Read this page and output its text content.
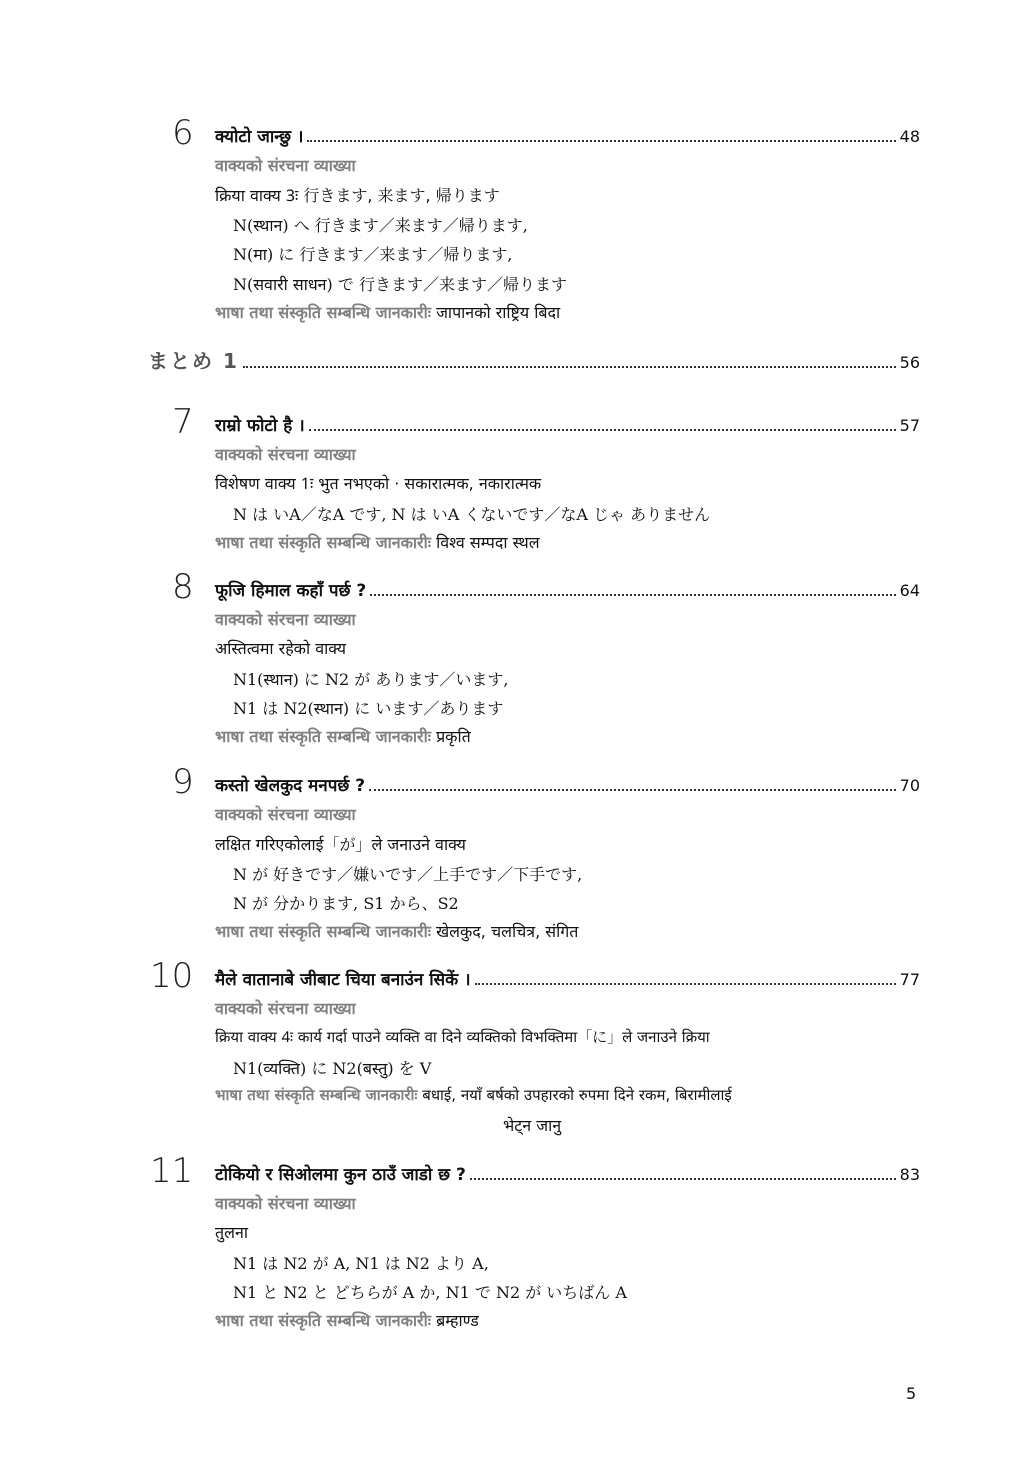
6 क्योटो जान्छु ।	48
वाक्यको संरचना व्याख्या
क्रिया वाक्य 3ः 行きます, 来ます, 帰ります
N(स्थान) へ 行きます／来ます／帰ります,
N(मा) に 行きます／来ます／帰ります,
N(सवारी साधन) で 行きます／来ます／帰ります
भाषा तथा संस्कृति सम्बन्धि जानकारीः जापानको राष्ट्रिय बिदा
まとめ 1	56
7 राम्रो फोटो है ।	57
वाक्यको संरचना व्याख्या
विशेषण वाक्य 1ः भुत नभएको · सकारात्मक, नकारात्मक
N は いA／なA です, N は いA くないです／なA じゃ ありません
भाषा तथा संस्कृति सम्बन्धि जानकारीः विश्व सम्पदा स्थल
8 फूजि हिमाल कहाँ पर्छ ?	64
वाक्यको संरचना व्याख्या
अस्तित्वमा रहेको वाक्य
N1(स्थान) に N2 が あります／います,
N1 は N2(स्थान) に います／あります
भाषा तथा संस्कृति सम्बन्धि जानकारीः प्रकृति
9 कस्तो खेलकुद मनपर्छ ?	70
वाक्यको संरचना व्याख्या
लक्षित गरिएकोलाई「が」ले जनाउने वाक्य
N が 好きです／嫌いです／上手です／下手です,
N が 分かります, S1 から、S2
भाषा तथा संस्कृति सम्बन्धि जानकारीः खेलकुद, चलचित्र, संगित
10 मैले वातानाबे जीबाट चिया बनाउंन सिकें ।	77
वाक्यको संरचना व्याख्या
क्रिया वाक्य 4ः कार्य गर्दा पाउने व्यक्ति वा दिने व्यक्तिको विभक्तिमा「に」ले जनाउने क्रिया
N1(व्यक्ति) に N2(बस्तु) を V
भाषा तथा संस्कृति सम्बन्धि जानकारीः बधाई, नयाँ बर्षको उपहारको रुपमा दिने रकम, बिरामीलाई
भेट्न जानु
11 टोकियो र सिओलमा कुन ठाउँ जाडो छ ?	83
वाक्यको संरचना व्याख्या
तुलना
N1 は N2 が A, N1 は N2 より A,
N1 と N2 と どちらが A か, N1 で N2 が いちばん A
भाषा तथा संस्कृति सम्बन्धि जानकारीः ब्रम्हाण्ड
5
